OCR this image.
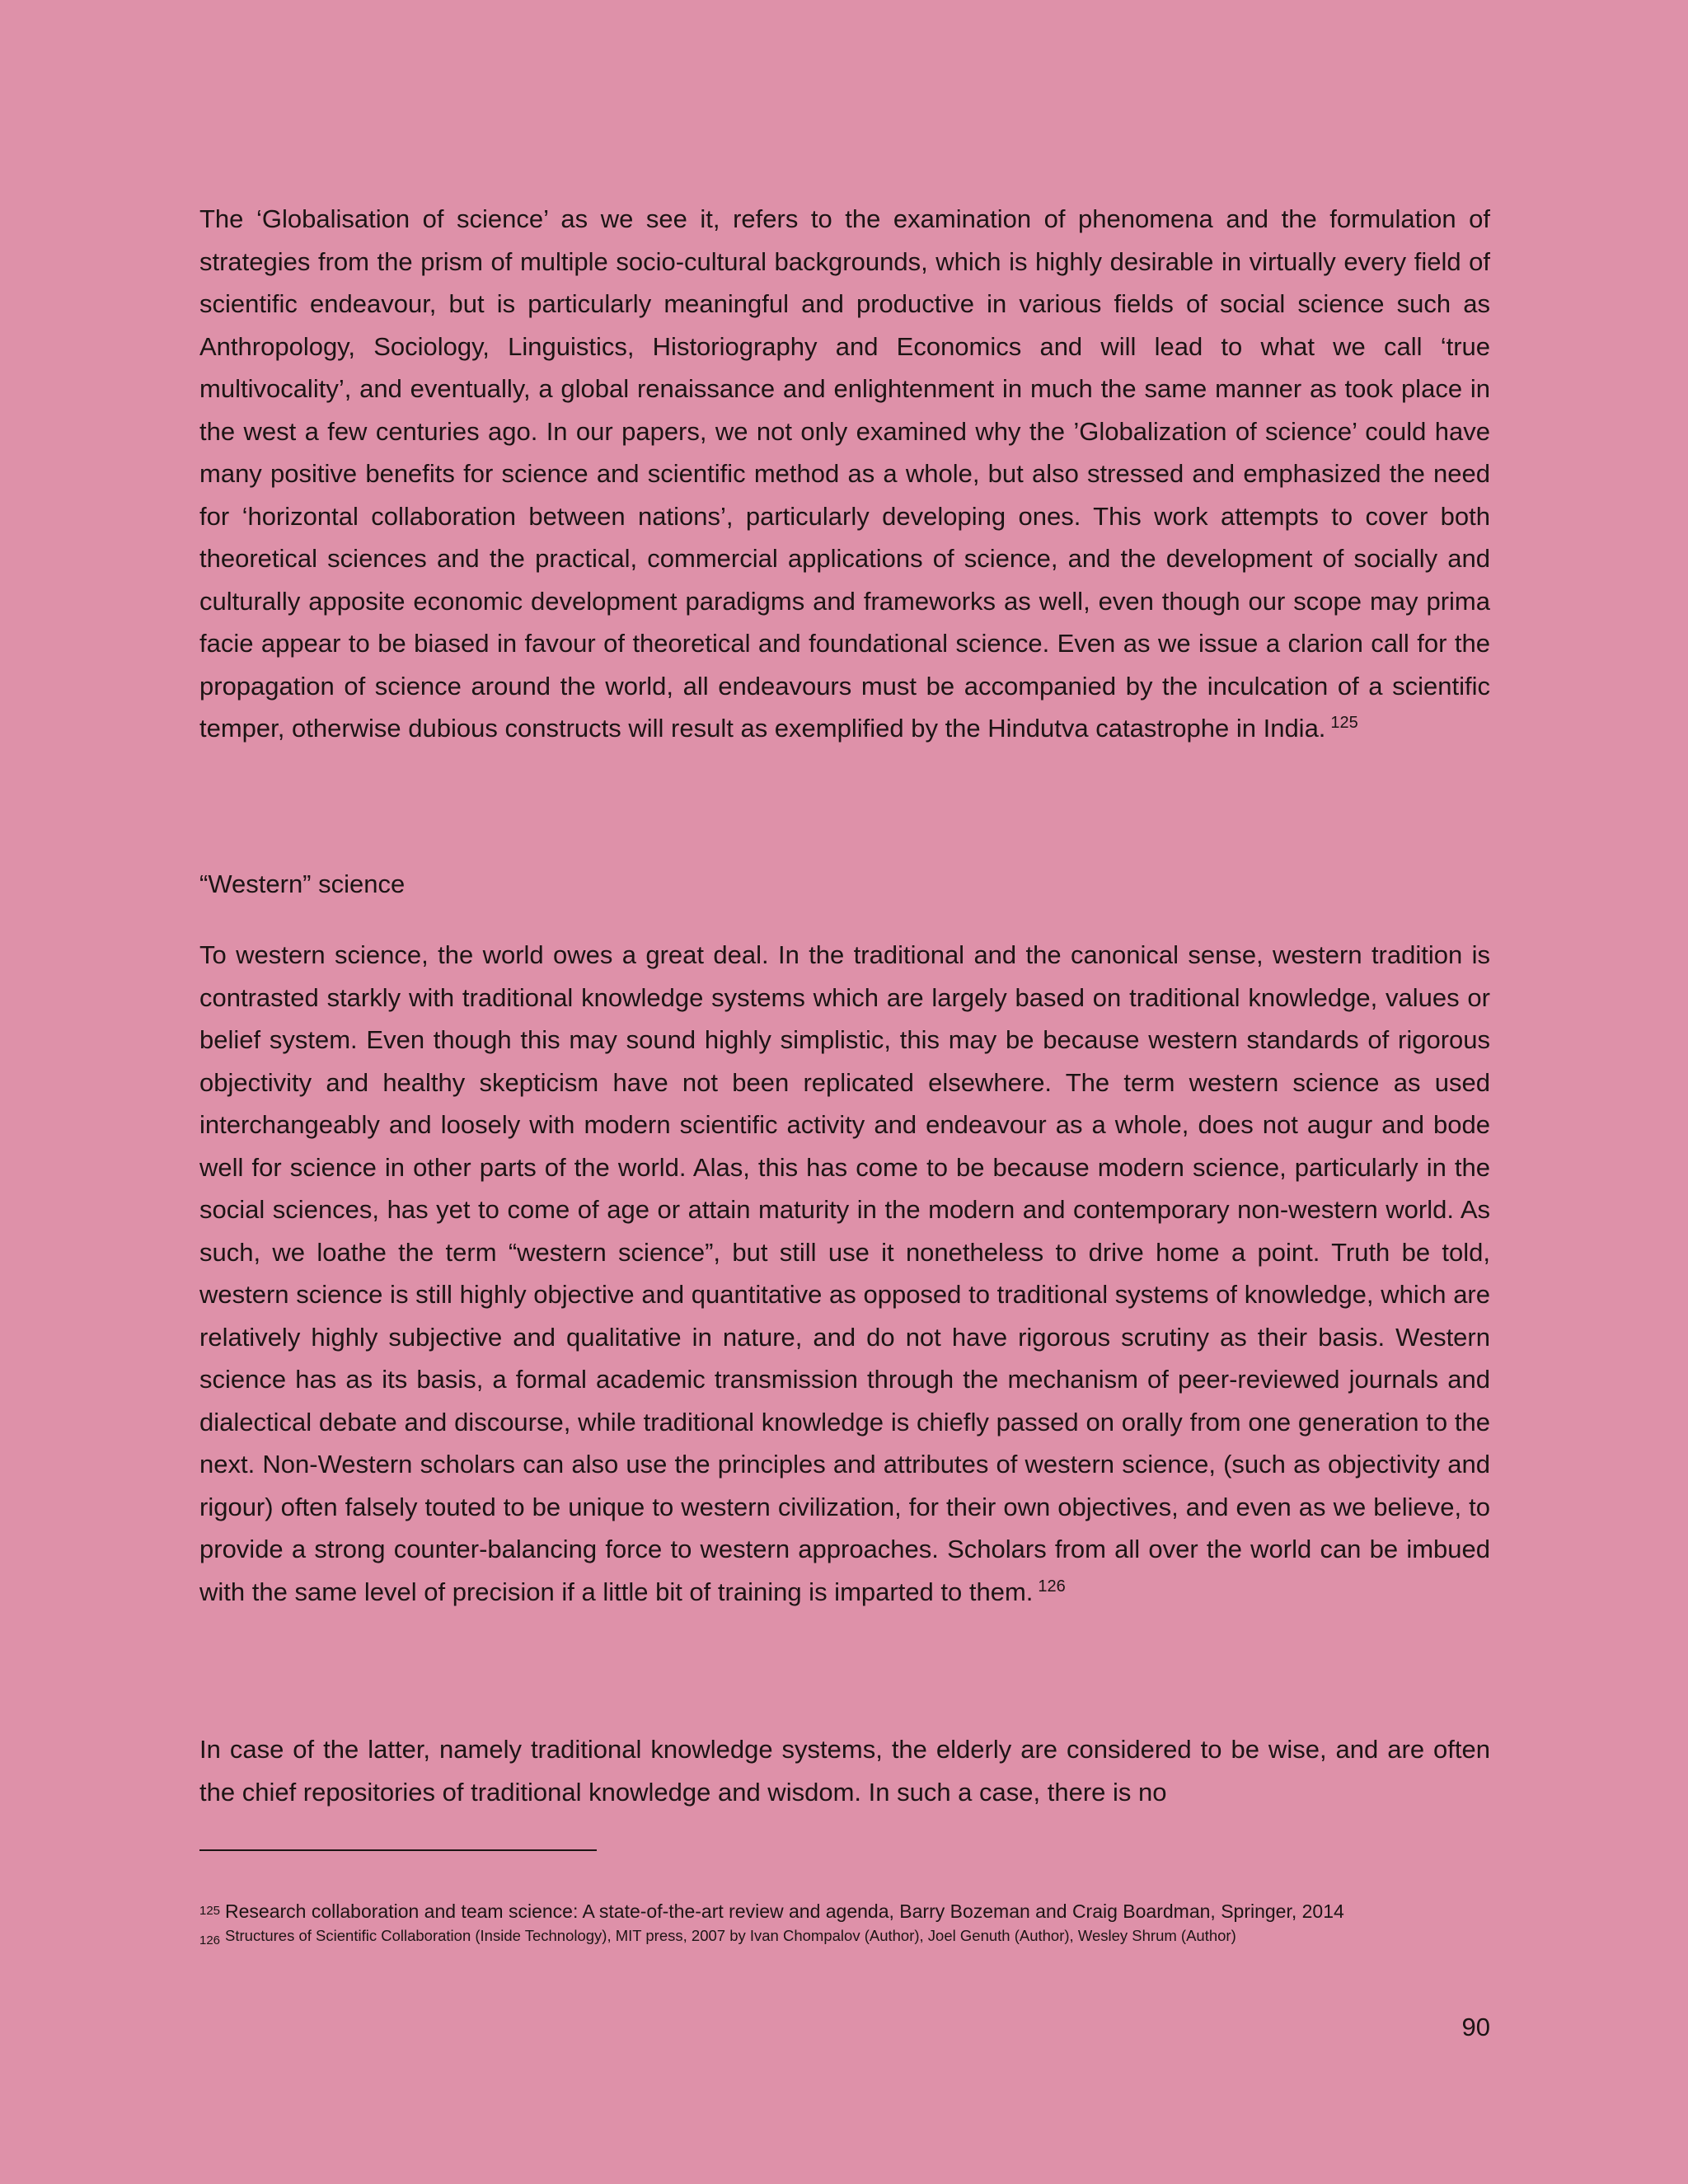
The ‘Globalisation of science’ as we see it, refers to the examination of phenomena and the formulation of strategies from the prism of multiple socio-cultural backgrounds, which is highly desirable in virtually every field of scientific endeavour, but is particularly meaningful and productive in various fields of social science such as Anthropology, Sociology, Linguistics, Historiography and Economics and will lead to what we call ‘true multivocality’, and eventually, a global renaissance and enlightenment in much the same manner as took place in the west a few centuries ago. In our papers, we not only examined why the ’Globalization of science’ could have many positive benefits for science and scientific method as a whole, but also stressed and emphasized the need for ‘horizontal collaboration between nations’, particularly developing ones. This work attempts to cover both theoretical sciences and the practical, commercial applications of science, and the development of socially and culturally apposite economic development paradigms and frameworks as well, even though our scope may prima facie appear to be biased in favour of theoretical and foundational science. Even as we issue a clarion call for the propagation of science around the world, all endeavours must be accompanied by the inculcation of a scientific temper, otherwise dubious constructs will result as exemplified by the Hindutva catastrophe in India. $^{125}$

“Western” science

To western science, the world owes a great deal. In the traditional and the canonical sense, western tradition is contrasted starkly with traditional knowledge systems which are largely based on traditional knowledge, values or belief system. Even though this may sound highly simplistic, this may be because western standards of rigorous objectivity and healthy skepticism have not been replicated elsewhere. The term western science as used interchangeably and loosely with modern scientific activity and endeavour as a whole, does not augur and bode well for science in other parts of the world. Alas, this has come to be because modern science, particularly in the social sciences, has yet to come of age or attain maturity in the modern and contemporary non-western world. As such, we loathe the term “western science”, but still use it nonetheless to drive home a point. Truth be told, western science is still highly objective and quantitative as opposed to traditional systems of knowledge, which are relatively highly subjective and qualitative in nature, and do not have rigorous scrutiny as their basis. Western science has as its basis, a formal academic transmission through the mechanism of peer-reviewed journals and dialectical debate and discourse, while traditional knowledge is chiefly passed on orally from one generation to the next. Non-Western scholars can also use the principles and attributes of western science, (such as objectivity and rigour) often falsely touted to be unique to western civilization, for their own objectives, and even as we believe, to provide a strong counter-balancing force to western approaches. Scholars from all over the world can be imbued with the same level of precision if a little bit of training is imparted to them. $^{126}$

In case of the latter, namely traditional knowledge systems, the elderly are considered to be wise, and are often the chief repositories of traditional knowledge and wisdom. In such a case, there is no

$^{125}$ Research collaboration and team science: A state-of-the-art review and agenda, Barry Bozeman and Craig Boardman, Springer, 2014

$_{126}$ Structures of Scientific Collaboration (Inside Technology), MIT press, 2007 by Ivan Chompalov (Author), Joel Genuth (Author), Wesley Shrum (Author)

90
